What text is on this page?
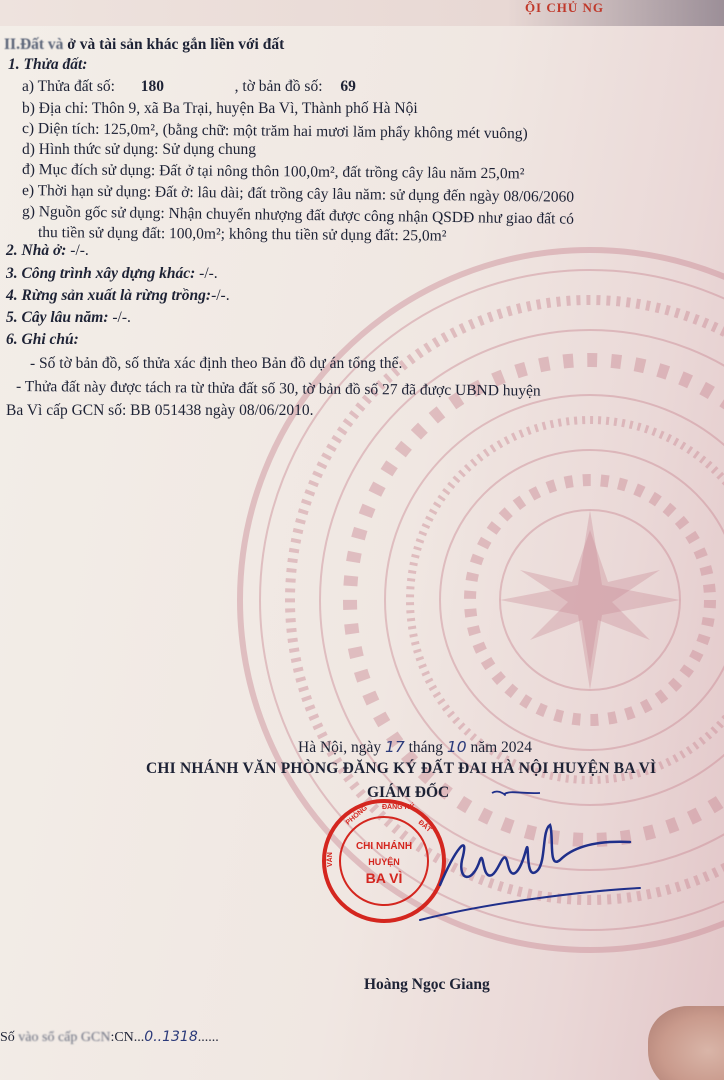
ỘI CHỦ NG
II.Đất và ở và tài sản khác gắn liền với đất
1. Thửa đất:
a) Thửa đất số: 180	, tờ bản đồ số: 69
b) Địa chỉ: Thôn 9, xã Ba Trại, huyện Ba Vì, Thành phố Hà Nội
c) Diện tích: 125,0m², (bằng chữ: một trăm hai mươi lăm phẩy không mét vuông)
d) Hình thức sử dụng: Sử dụng chung
đ) Mục đích sử dụng: Đất ở tại nông thôn 100,0m², đất trồng cây lâu năm 25,0m²
e) Thời hạn sử dụng: Đất ở: lâu dài; đất trồng cây lâu năm: sử dụng đến ngày 08/06/2060
g) Nguồn gốc sử dụng: Nhận chuyển nhượng đất được công nhận QSDĐ như giao đất có
thu tiền sử dụng đất: 100,0m²; không thu tiền sử dụng đất: 25,0m²
2. Nhà ở: -/-.
3. Công trình xây dựng khác: -/-.
4. Rừng sản xuất là rừng trồng:-/-.
5. Cây lâu năm: -/-.
6. Ghi chú:
- Số tờ bản đồ, số thửa xác định theo Bản đồ dự án tổng thể.
- Thửa đất này được tách ra từ thửa đất số 30, tờ bản đồ số 27 đã được UBND huyện
Ba Vì cấp GCN số: BB 051438 ngày 08/06/2010.
Hà Nội, ngày 17 tháng 10 năm 2024
CHI NHÁNH VĂN PHÒNG ĐĂNG KÝ ĐẤT ĐAI HÀ NỘI HUYỆN BA VÌ
GIÁM ĐỐC
CHI NHÁNH
HUYỆN
BA VÌ
PHÒNG ĐĂNG KÝ
ĐẤT
VĂN
Hoàng Ngọc Giang
Số vào sổ cấp GCN:CN...0..1318......
